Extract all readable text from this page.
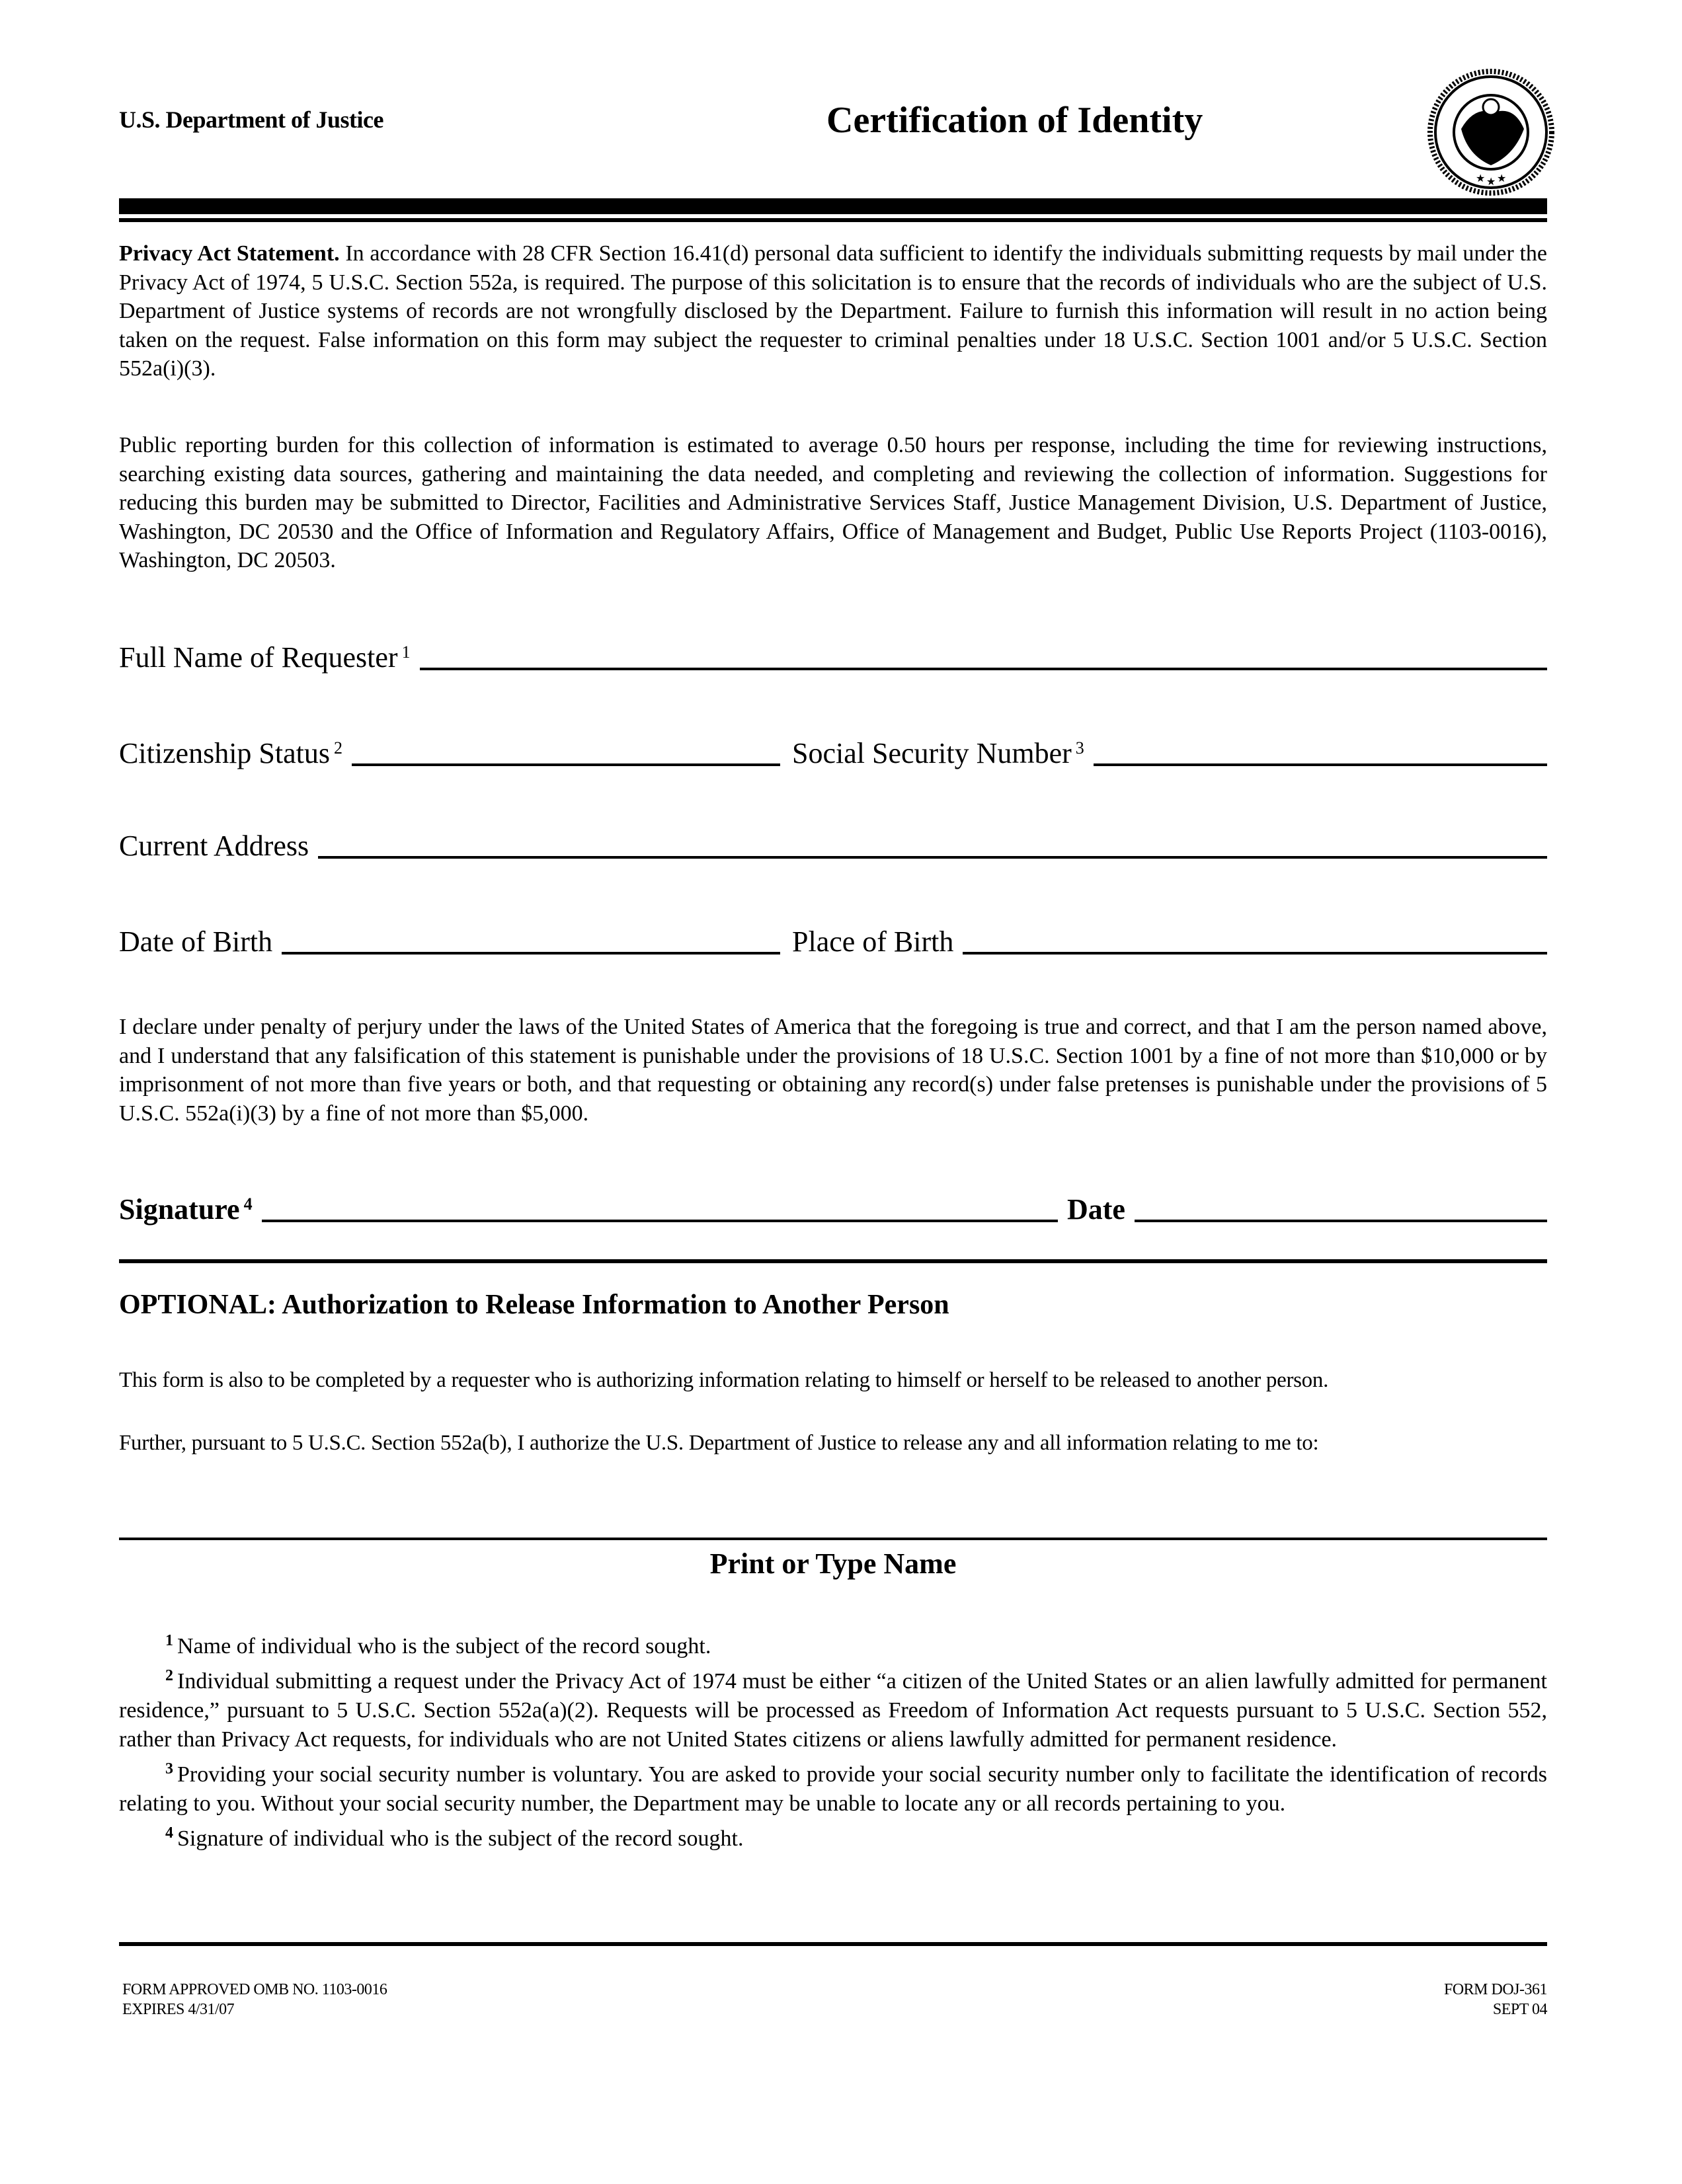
U.S. Department of Justice	Certification of Identity
★ ★ ★
Privacy Act Statement. In accordance with 28 CFR Section 16.41(d) personal data sufficient to identify the individuals submitting requests by mail under the Privacy Act of 1974, 5 U.S.C. Section 552a, is required. The purpose of this solicitation is to ensure that the records of individuals who are the subject of U.S. Department of Justice systems of records are not wrongfully disclosed by the Department. Failure to furnish this information will result in no action being taken on the request. False information on this form may subject the requester to criminal penalties under 18 U.S.C. Section 1001 and/or 5 U.S.C. Section 552a(i)(3).
Public reporting burden for this collection of information is estimated to average 0.50 hours per response, including the time for reviewing instructions, searching existing data sources, gathering and maintaining the data needed, and completing and reviewing the collection of information. Suggestions for reducing this burden may be submitted to Director, Facilities and Administrative Services Staff, Justice Management Division, U.S. Department of Justice, Washington, DC 20530 and the Office of Information and Regulatory Affairs, Office of Management and Budget, Public Use Reports Project (1103-0016), Washington, DC 20503.
Full Name of Requester $^1$
Citizenship Status $^2$	Social Security Number $^3$
Current Address
Date of Birth	Place of Birth
I declare under penalty of perjury under the laws of the United States of America that the foregoing is true and correct, and that I am the person named above, and I understand that any falsification of this statement is punishable under the provisions of 18 U.S.C. Section 1001 by a fine of not more than $10,000 or by imprisonment of not more than five years or both, and that requesting or obtaining any record(s) under false pretenses is punishable under the provisions of 5 U.S.C. 552a(i)(3) by a fine of not more than $5,000.
Signature $^4$	Date
OPTIONAL: Authorization to Release Information to Another Person
This form is also to be completed by a requester who is authorizing information relating to himself or herself to be released to another person.
Further, pursuant to 5 U.S.C. Section 552a(b), I authorize the U.S. Department of Justice to release any and all information relating to me to:
Print or Type Name

$^1$ Name of individual who is the subject of the record sought.

$^2$ Individual submitting a request under the Privacy Act of 1974 must be either “a citizen of the United States or an alien lawfully admitted for permanent residence,” pursuant to 5 U.S.C. Section 552a(a)(2). Requests will be processed as Freedom of Information Act requests pursuant to 5 U.S.C. Section 552, rather than Privacy Act requests, for individuals who are not United States citizens or aliens lawfully admitted for permanent residence.

$^3$ Providing your social security number is voluntary. You are asked to provide your social security number only to facilitate the identification of records relating to you. Without your social security number, the Department may be unable to locate any or all records pertaining to you.

$^4$ Signature of individual who is the subject of the record sought.

FORM APPROVED OMB NO. 1103-0016
EXPIRES 4/31/07
FORM DOJ-361
SEPT 04
